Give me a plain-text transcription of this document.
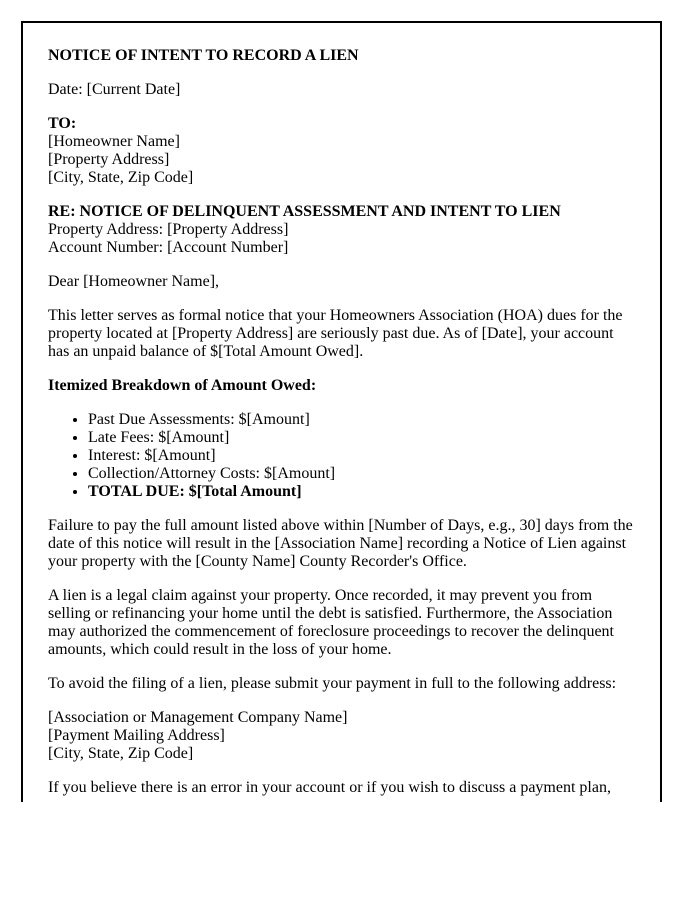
NOTICE OF INTENT TO RECORD A LIEN

Date: [Current Date]

TO:
[Homeowner Name]
[Property Address]
[City, State, Zip Code]

RE: NOTICE OF DELINQUENT ASSESSMENT AND INTENT TO LIEN
Property Address: [Property Address]
Account Number: [Account Number]

Dear [Homeowner Name],

This letter serves as formal notice that your Homeowners Association (HOA) dues for the property located at [Property Address] are seriously past due. As of [Date], your account has an unpaid balance of $[Total Amount Owed].

Itemized Breakdown of Amount Owed:

• Past Due Assessments: $[Amount]
• Late Fees: $[Amount]
• Interest: $[Amount]
• Collection/Attorney Costs: $[Amount]
• TOTAL DUE: $[Total Amount]

Failure to pay the full amount listed above within [Number of Days, e.g., 30] days from the date of this notice will result in the [Association Name] recording a Notice of Lien against your property with the [County Name] County Recorder's Office.

A lien is a legal claim against your property. Once recorded, it may prevent you from selling or refinancing your home until the debt is satisfied. Furthermore, the Association may authorized the commencement of foreclosure proceedings to recover the delinquent amounts, which could result in the loss of your home.

To avoid the filing of a lien, please submit your payment in full to the following address:

[Association or Management Company Name]
[Payment Mailing Address]
[City, State, Zip Code]

If you believe there is an error in your account or if you wish to discuss a payment plan,
